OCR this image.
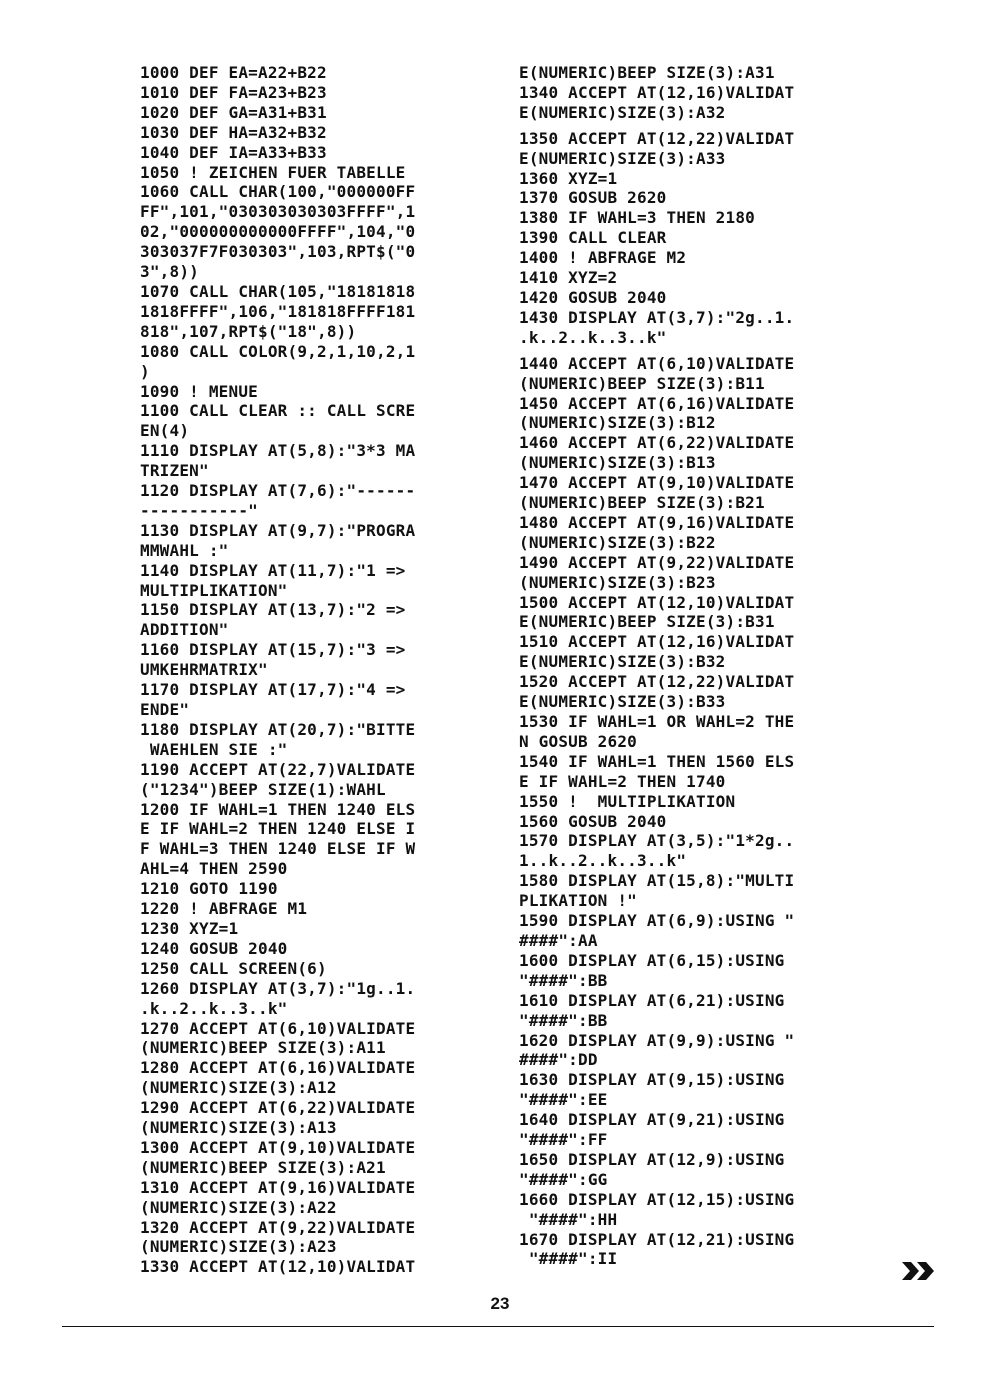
1000 DEF EA=A22+B22
1010 DEF FA=A23+B23
1020 DEF GA=A31+B31
1030 DEF HA=A32+B32
1040 DEF IA=A33+B33
1050 ! ZEICHEN FUER TABELLE
1060 CALL CHAR(100,"000000FF
FF",101,"030303030303FFFF",1
02,"000000000000FFFF",104,"0
303037F7F030303",103,RPT$("0
3",8))
1070 CALL CHAR(105,"18181818
1818FFFF",106,"181818FFFF181
818",107,RPT$("18",8))
1080 CALL COLOR(9,2,1,10,2,1
)
1090 ! MENUE
1100 CALL CLEAR :: CALL SCRE
EN(4)
1110 DISPLAY AT(5,8):"3*3 MA
TRIZEN"
1120 DISPLAY AT(7,6):"------
-----------"
1130 DISPLAY AT(9,7):"PROGRA
MMWAHL :"
1140 DISPLAY AT(11,7):"1 =>
MULTIPLIKATION"
1150 DISPLAY AT(13,7):"2 =>
ADDITION"
1160 DISPLAY AT(15,7):"3 =>
UMKEHRMATRIX"
1170 DISPLAY AT(17,7):"4 =>
ENDE"
1180 DISPLAY AT(20,7):"BITTE
WAEHLEN SIE :"
1190 ACCEPT AT(22,7)VALIDATE
("1234")BEEP SIZE(1):WAHL
1200 IF WAHL=1 THEN 1240 ELS
E IF WAHL=2 THEN 1240 ELSE I
F WAHL=3 THEN 1240 ELSE IF W
AHL=4 THEN 2590
1210 GOTO 1190
1220 ! ABFRAGE M1
1230 XYZ=1
1240 GOSUB 2040
1250 CALL SCREEN(6)
1260 DISPLAY AT(3,7):"1g..1.
.k..2..k..3..k"
1270 ACCEPT AT(6,10)VALIDATE
(NUMERIC)BEEP SIZE(3):A11
1280 ACCEPT AT(6,16)VALIDATE
(NUMERIC)SIZE(3):A12
1290 ACCEPT AT(6,22)VALIDATE
(NUMERIC)SIZE(3):A13
1300 ACCEPT AT(9,10)VALIDATE
(NUMERIC)BEEP SIZE(3):A21
1310 ACCEPT AT(9,16)VALIDATE
(NUMERIC)SIZE(3):A22
1320 ACCEPT AT(9,22)VALIDATE
(NUMERIC)SIZE(3):A23
1330 ACCEPT AT(12,10)VALIDAT
E(NUMERIC)BEEP SIZE(3):A31
1340 ACCEPT AT(12,16)VALIDAT
E(NUMERIC)SIZE(3):A32
1350 ACCEPT AT(12,22)VALIDAT
E(NUMERIC)SIZE(3):A33
1360 XYZ=1
1370 GOSUB 2620
1380 IF WAHL=3 THEN 2180
1390 CALL CLEAR
1400 ! ABFRAGE M2
1410 XYZ=2
1420 GOSUB 2040
1430 DISPLAY AT(3,7):"2g..1.
.k..2..k..3..k"
1440 ACCEPT AT(6,10)VALIDATE
(NUMERIC)BEEP SIZE(3):B11
1450 ACCEPT AT(6,16)VALIDATE
(NUMERIC)SIZE(3):B12
1460 ACCEPT AT(6,22)VALIDATE
(NUMERIC)SIZE(3):B13
1470 ACCEPT AT(9,10)VALIDATE
(NUMERIC)BEEP SIZE(3):B21
1480 ACCEPT AT(9,16)VALIDATE
(NUMERIC)SIZE(3):B22
1490 ACCEPT AT(9,22)VALIDATE
(NUMERIC)SIZE(3):B23
1500 ACCEPT AT(12,10)VALIDAT
E(NUMERIC)BEEP SIZE(3):B31
1510 ACCEPT AT(12,16)VALIDAT
E(NUMERIC)SIZE(3):B32
1520 ACCEPT AT(12,22)VALIDAT
E(NUMERIC)SIZE(3):B33
1530 IF WAHL=1 OR WAHL=2 THE
N GOSUB 2620
1540 IF WAHL=1 THEN 1560 ELS
E IF WAHL=2 THEN 1740
1550 !  MULTIPLIKATION
1560 GOSUB 2040
1570 DISPLAY AT(3,5):"1*2g..
1..k..2..k..3..k"
1580 DISPLAY AT(15,8):"MULTI
PLIKATION !"
1590 DISPLAY AT(6,9):USING "
####":AA
1600 DISPLAY AT(6,15):USING
"####":BB
1610 DISPLAY AT(6,21):USING
"####":BB
1620 DISPLAY AT(9,9):USING "
####":DD
1630 DISPLAY AT(9,15):USING
"####":EE
1640 DISPLAY AT(9,21):USING
"####":FF
1650 DISPLAY AT(12,9):USING
"####":GG
1660 DISPLAY AT(12,15):USING
"####":HH
1670 DISPLAY AT(12,21):USING
"####":II
23
